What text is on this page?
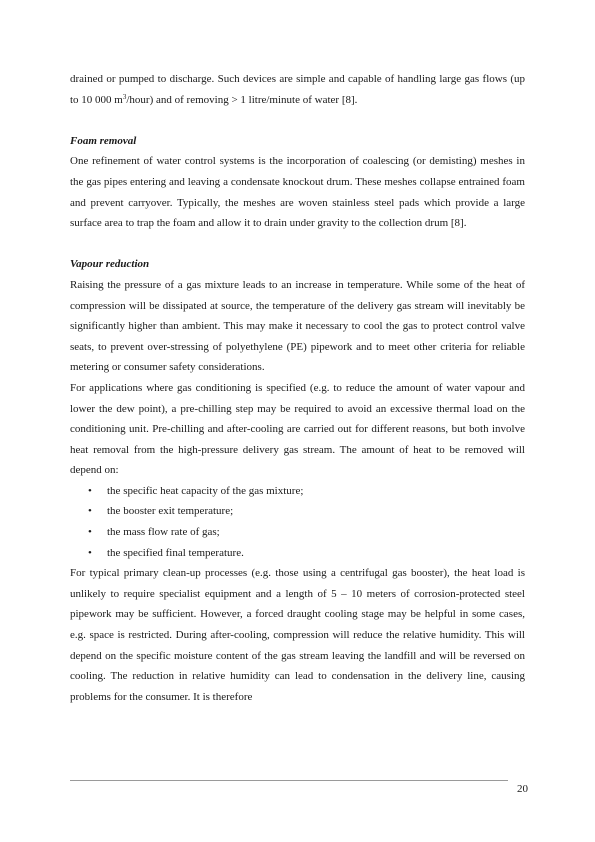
drained or pumped to discharge. Such devices are simple and capable of handling large gas flows (up to 10 000 $m^3/hour$) and of removing > 1 litre/minute of water [8].

Foam removal

One refinement of water control systems is the incorporation of coalescing (or demisting) meshes in the gas pipes entering and leaving a condensate knockout drum. These meshes collapse entrained foam and prevent carryover. Typically, the meshes are woven stainless steel pads which provide a large surface area to trap the foam and allow it to drain under gravity to the collection drum [8].

Vapour reduction

Raising the pressure of a gas mixture leads to an increase in temperature. While some of the heat of compression will be dissipated at source, the temperature of the delivery gas stream will inevitably be significantly higher than ambient. This may make it necessary to cool the gas to protect control valve seats, to prevent over-stressing of polyethylene (PE) pipework and to meet other criteria for reliable metering or consumer safety considerations.

For applications where gas conditioning is specified (e.g. to reduce the amount of water vapour and lower the dew point), a pre-chilling step may be required to avoid an excessive thermal load on the conditioning unit. Pre-chilling and after-cooling are carried out for different reasons, but both involve heat removal from the high-pressure delivery gas stream. The amount of heat to be removed will depend on:

• the specific heat capacity of the gas mixture;
• the booster exit temperature;
• the mass flow rate of gas;
• the specified final temperature.

For typical primary clean-up processes (e.g. those using a centrifugal gas booster), the heat load is unlikely to require specialist equipment and a length of 5 – 10 meters of corrosion-protected steel pipework may be sufficient. However, a forced draught cooling stage may be helpful in some cases, e.g. space is restricted. During after-cooling, compression will reduce the relative humidity. This will depend on the specific moisture content of the gas stream leaving the landfill and will be reversed on cooling. The reduction in relative humidity can lead to condensation in the delivery line, causing problems for the consumer. It is therefore

20
